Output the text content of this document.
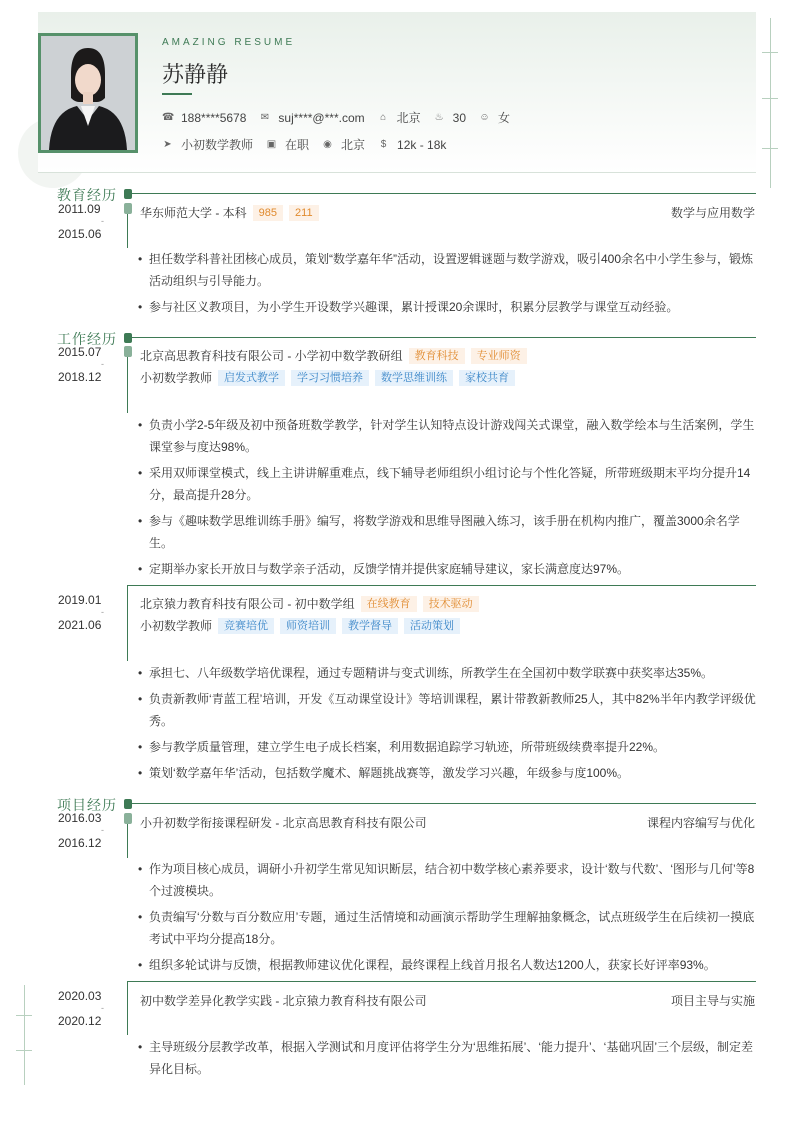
AMAZING RESUME
苏静静
☎ 188****5678 ✉ suj****@***.com ⌂ 北京 ♨ 30 ☺ 女
➤ 小初数学教师 ▣ 在职 ◉ 北京 $ 12k - 18k
教育经历
2011.09
-
2015.06
华东师范大学 - 本科	985	211	数学与应用数学
• 担任数学科普社团核心成员，策划“数学嘉年华”活动，设置逻辑谜题与数学游戏，吸引400余名中小学生参与，锻炼活动组织与引导能力。
• 参与社区义教项目，为小学生开设数学兴趣课，累计授课20余课时，积累分层教学与课堂互动经验。
工作经历
2015.07
-
2018.12
北京高思教育科技有限公司 - 小学初中数学教研组	教育科技	专业师资
小初数学教师	启发式教学	学习习惯培养	数学思维训练	家校共育
• 负责小学2-5年级及初中预备班数学教学，针对学生认知特点设计游戏闯关式课堂，融入数学绘本与生活案例，学生课堂参与度达98%。
• 采用双师课堂模式，线上主讲讲解重难点，线下辅导老师组织小组讨论与个性化答疑，所带班级期末平均分提升14分，最高提升28分。
• 参与《趣味数学思维训练手册》编写，将数学游戏和思维导图融入练习，该手册在机构内推广，覆盖3000余名学生。
• 定期举办家长开放日与数学亲子活动，反馈学情并提供家庭辅导建议，家长满意度达97%。
2019.01
-
2021.06
北京猿力教育科技有限公司 - 初中数学组	在线教育	技术驱动
小初数学教师	竞赛培优	师资培训	教学督导	活动策划
• 承担七、八年级数学培优课程，通过专题精讲与变式训练，所教学生在全国初中数学联赛中获奖率达35%。
• 负责新教师‘青蓝工程’培训，开发《互动课堂设计》等培训课程，累计带教新教师25人，其中82%半年内教学评级优秀。
• 参与教学质量管理，建立学生电子成长档案，利用数据追踪学习轨迹，所带班级续费率提升22%。
• 策划‘数学嘉年华’活动，包括数学魔术、解题挑战赛等，激发学习兴趣，年级参与度100%。
项目经历
2016.03
-
2016.12
小升初数学衔接课程研发 - 北京高思教育科技有限公司	课程内容编写与优化
• 作为项目核心成员，调研小升初学生常见知识断层，结合初中数学核心素养要求，设计‘数与代数’、‘图形与几何’等8个过渡模块。
• 负责编写‘分数与百分数应用’专题，通过生活情境和动画演示帮助学生理解抽象概念，试点班级学生在后续初一摸底考试中平均分提高18分。
• 组织多轮试讲与反馈，根据教师建议优化课程，最终课程上线首月报名人数达1200人，获家长好评率93%。
2020.03
-
2020.12
初中数学差异化教学实践 - 北京猿力教育科技有限公司	项目主导与实施
• 主导班级分层教学改革，根据入学测试和月度评估将学生分为‘思维拓展’、‘能力提升’、‘基础巩固’三个层级，制定差异化目标。
